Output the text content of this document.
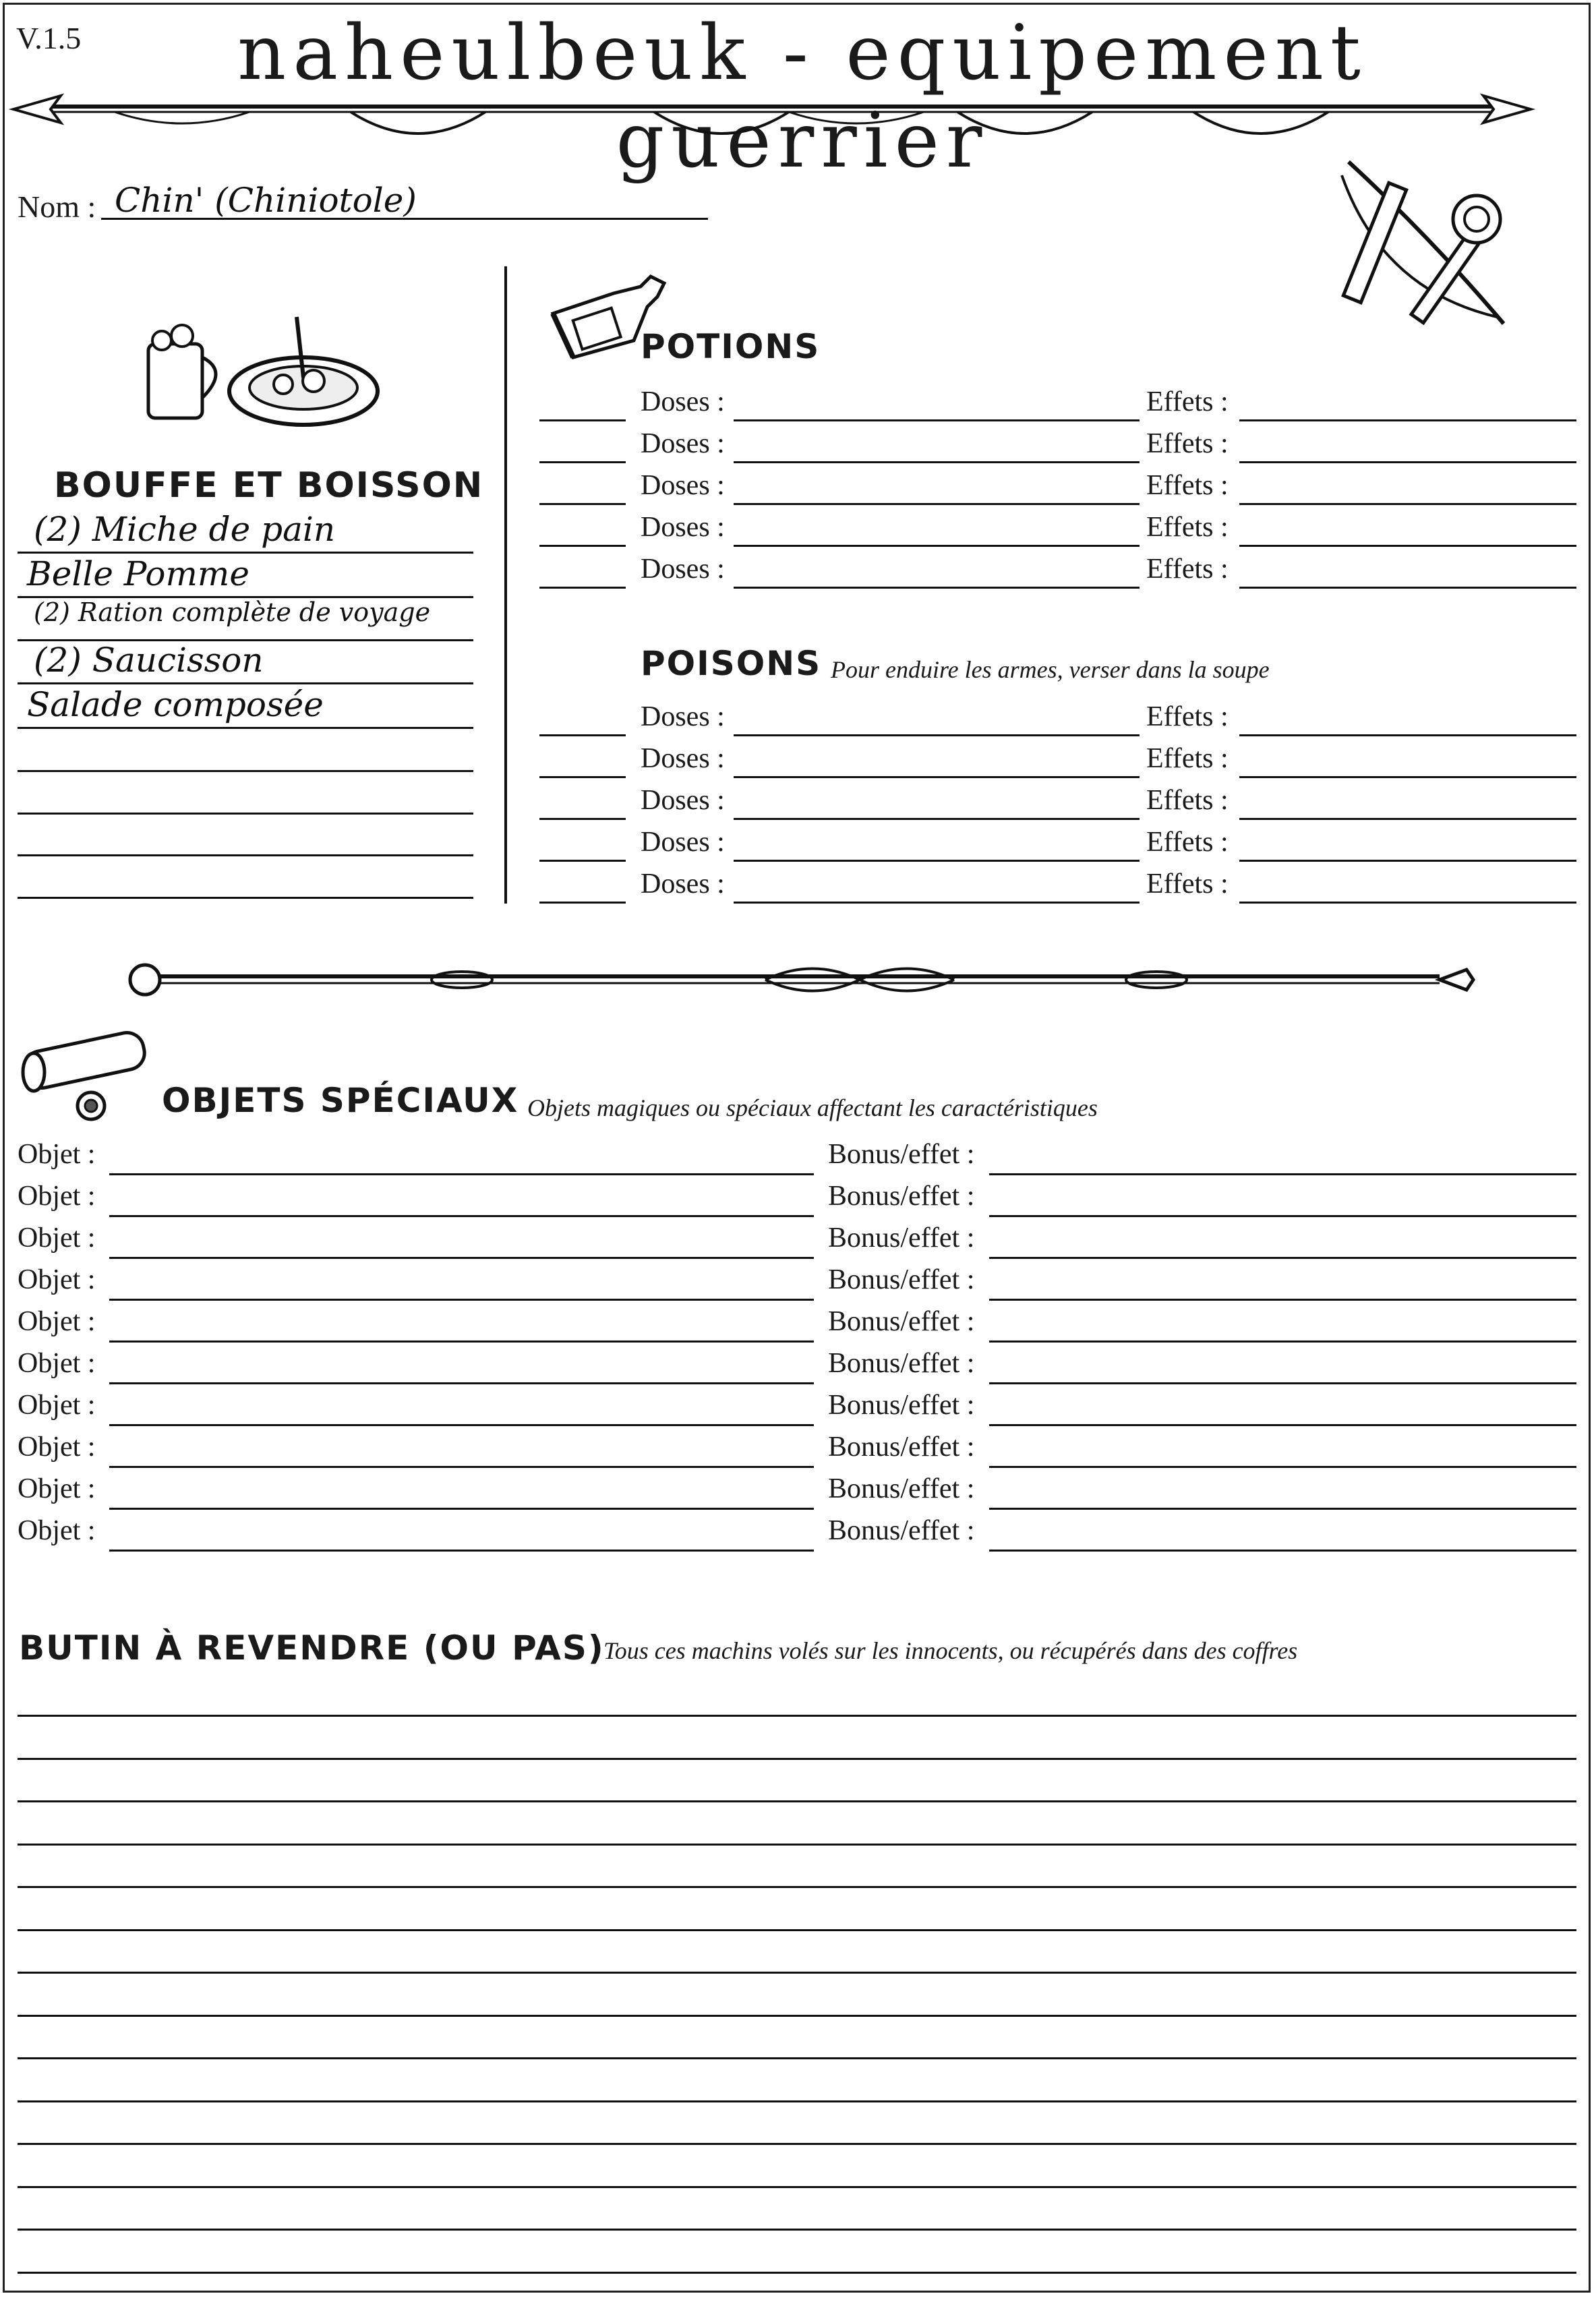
V.1.5	naheulbeuk - equipement guerrier
Nom : Chin' (Chiniotole)
BOUFFE ET BOISSON
(2) Miche de pain
Belle Pomme
(2) Ration complète de voyage
(2) Saucisson
Salade composée
POTIONS
Doses :	Effets :
Doses :	Effets :
Doses :	Effets :
Doses :	Effets :
Doses :	Effets :
POISONS Pour enduire les armes, verser dans la soupe
Doses :	Effets :
Doses :	Effets :
Doses :	Effets :
Doses :	Effets :
Doses :	Effets :
OBJETS SPÉCIAUX Objets magiques ou spéciaux affectant les caractéristiques
Objet :	Bonus/effet :
Objet :	Bonus/effet :
Objet :	Bonus/effet :
Objet :	Bonus/effet :
Objet :	Bonus/effet :
Objet :	Bonus/effet :
Objet :	Bonus/effet :
Objet :	Bonus/effet :
Objet :	Bonus/effet :
Objet :	Bonus/effet :
BUTIN À REVENDRE (OU PAS)
Tous ces machins volés sur les innocents, ou récupérés dans des coffres
